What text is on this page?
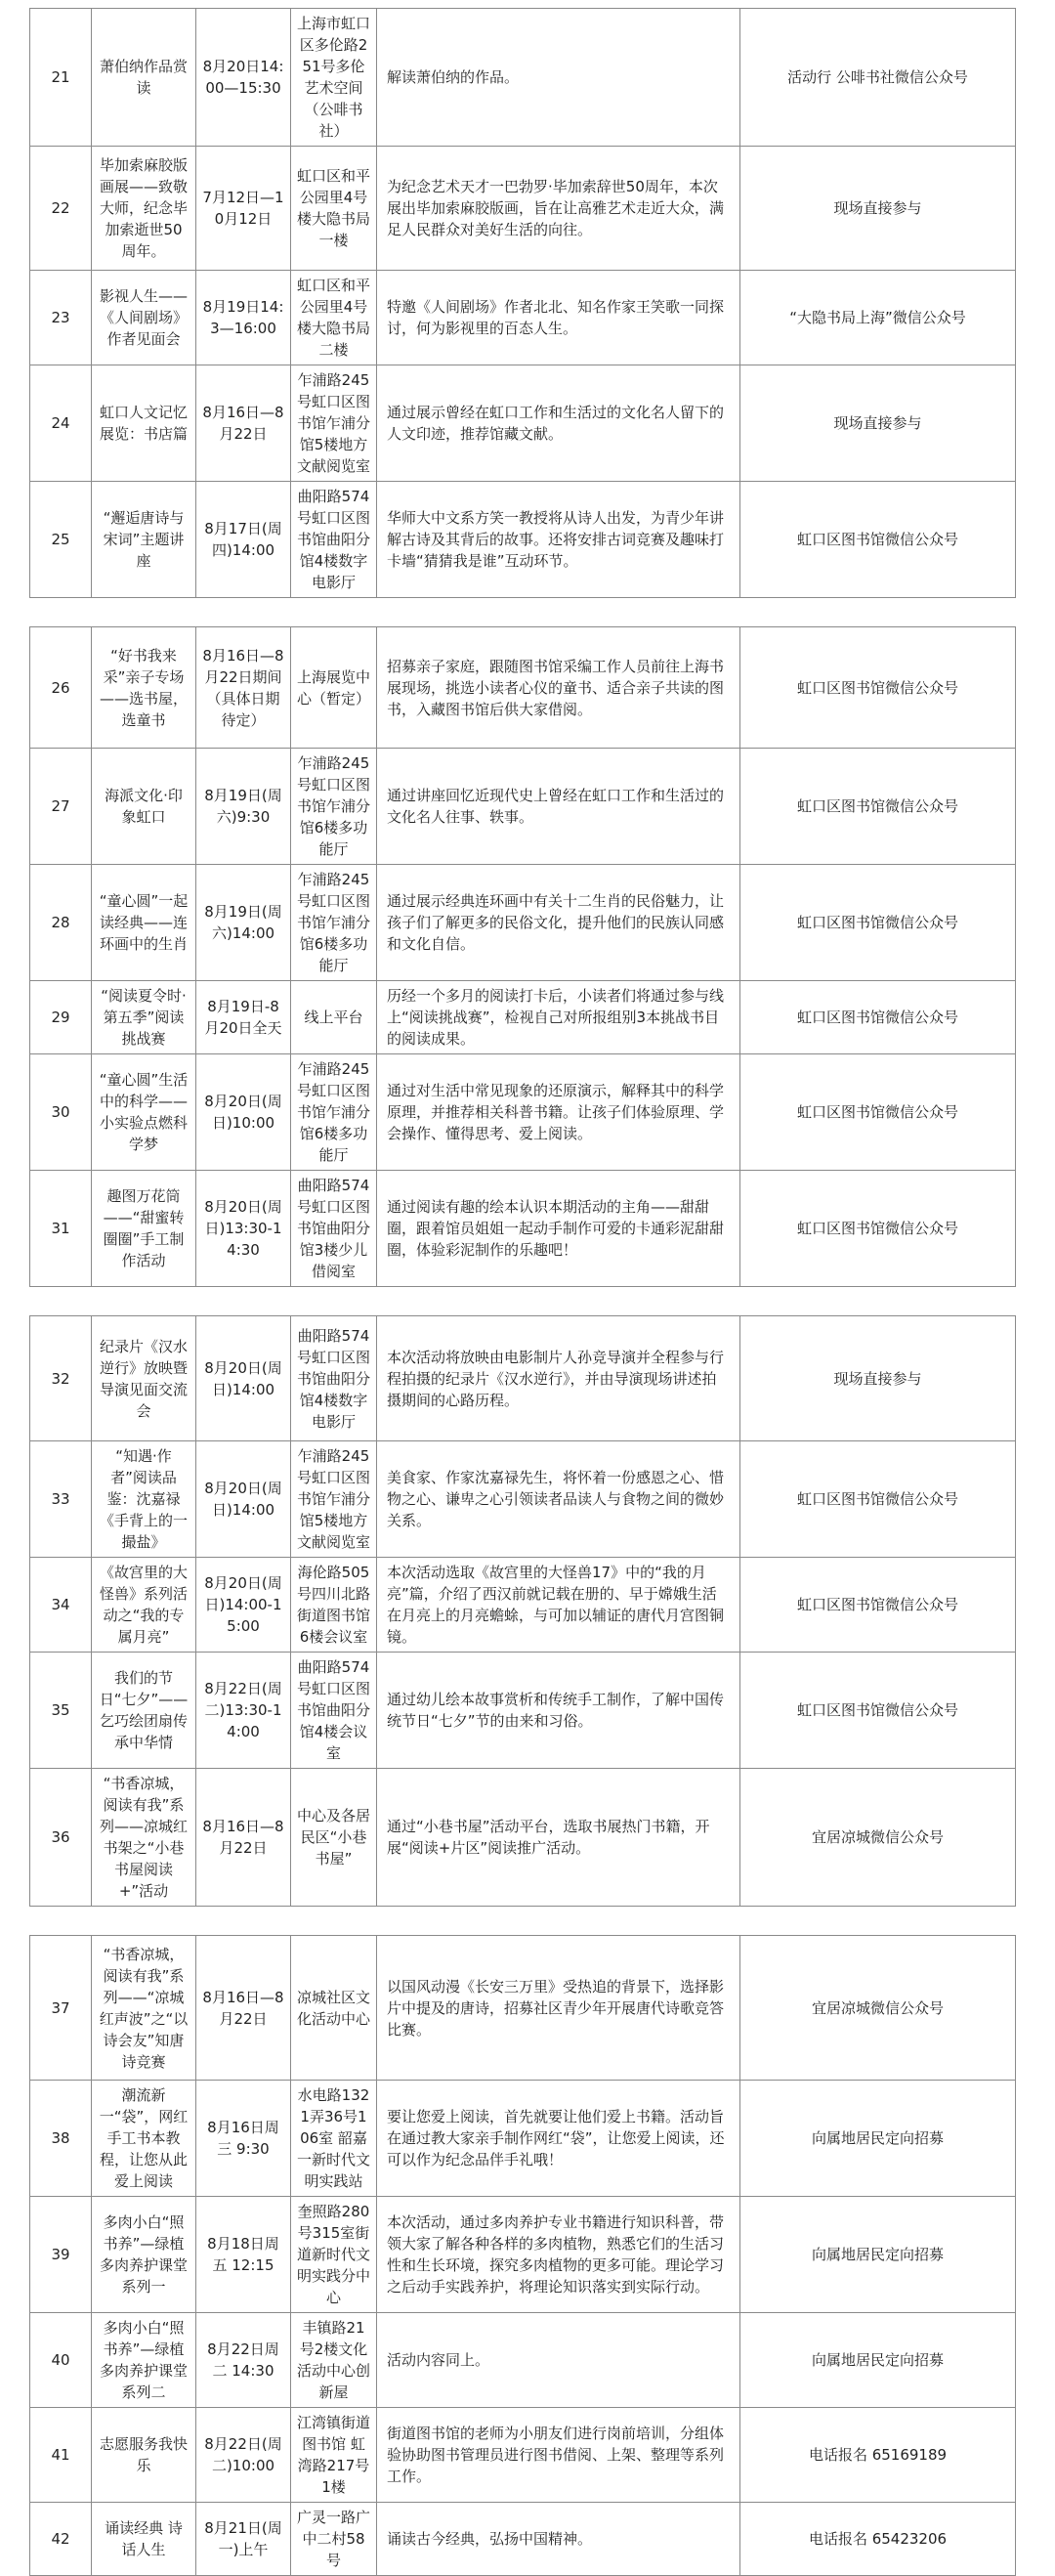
21	萧伯纳作品赏读	8月20日14:00—15:30	上海市虹口区多伦路251号多伦艺术空间（公啡书社）	解读萧伯纳的作品。	活动行 公啡书社微信公众号
22	毕加索麻胶版画展——致敬大师，纪念毕加索逝世50周年。	7月12日—10月12日	虹口区和平公园里4号楼大隐书局一楼	为纪念艺术天才一巴勃罗·毕加索辞世50周年，本次展出毕加索麻胶版画，旨在让高雅艺术走近大众，满足人民群众对美好生活的向往。	现场直接参与
23	影视人生——《人间剧场》作者见面会	8月19日14:3—16:00	虹口区和平公园里4号楼大隐书局二楼	特邀《人间剧场》作者北北、知名作家王笑歌一同探讨，何为影视里的百态人生。	“大隐书局上海”微信公众号
24	虹口人文记忆展览：书店篇	8月16日—8月22日	乍浦路245号虹口区图书馆乍浦分馆5楼地方文献阅览室	通过展示曾经在虹口工作和生活过的文化名人留下的人文印迹，推荐馆藏文献。	现场直接参与
25	“邂逅唐诗与宋词”主题讲座	8月17日(周四)14:00	曲阳路574号虹口区图书馆曲阳分馆4楼数字电影厅	华师大中文系方笑一教授将从诗人出发，为青少年讲解古诗及其背后的故事。还将安排古词竞赛及趣味打卡墙“猜猜我是谁”互动环节。	虹口区图书馆微信公众号

26	“好书我来采”亲子专场——选书屋，选童书	8月16日—8月22日期间（具体日期待定）	上海展览中心（暂定）	招募亲子家庭，跟随图书馆采编工作人员前往上海书展现场，挑选小读者心仪的童书、适合亲子共读的图书，入藏图书馆后供大家借阅。	虹口区图书馆微信公众号
27	海派文化·印象虹口	8月19日(周六)9:30	乍浦路245号虹口区图书馆乍浦分馆6楼多功能厅	通过讲座回忆近现代史上曾经在虹口工作和生活过的文化名人往事、轶事。	虹口区图书馆微信公众号
28	“童心圆”一起读经典——连环画中的生肖	8月19日(周六)14:00	乍浦路245号虹口区图书馆乍浦分馆6楼多功能厅	通过展示经典连环画中有关十二生肖的民俗魅力，让孩子们了解更多的民俗文化，提升他们的民族认同感和文化自信。	虹口区图书馆微信公众号
29	“阅读夏令时·第五季”阅读挑战赛	8月19日-8月20日全天	线上平台	历经一个多月的阅读打卡后，小读者们将通过参与线上“阅读挑战赛”，检视自己对所报组别3本挑战书目的阅读成果。	虹口区图书馆微信公众号
30	“童心圆”生活中的科学——小实验点燃科学梦	8月20日(周日)10:00	乍浦路245号虹口区图书馆乍浦分馆6楼多功能厅	通过对生活中常见现象的还原演示，解释其中的科学原理，并推荐相关科普书籍。让孩子们体验原理、学会操作、懂得思考、爱上阅读。	虹口区图书馆微信公众号
31	趣图万花筒——“甜蜜转圈圈”手工制作活动	8月20日(周日)13:30-14:30	曲阳路574号虹口区图书馆曲阳分馆3楼少儿借阅室	通过阅读有趣的绘本认识本期活动的主角——甜甜圈，跟着馆员姐姐一起动手制作可爱的卡通彩泥甜甜圈，体验彩泥制作的乐趣吧！	虹口区图书馆微信公众号

32	纪录片《汉水逆行》放映暨导演见面交流会	8月20日(周日)14:00	曲阳路574号虹口区图书馆曲阳分馆4楼数字电影厅	本次活动将放映由电影制片人孙竞导演并全程参与行程拍摄的纪录片《汉水逆行》，并由导演现场讲述拍摄期间的心路历程。	现场直接参与
33	“知遇·作者”阅读品鉴：沈嘉禄《手背上的一撮盐》	8月20日(周日)14:00	乍浦路245号虹口区图书馆乍浦分馆5楼地方文献阅览室	美食家、作家沈嘉禄先生，将怀着一份感恩之心、惜物之心、谦卑之心引领读者品读人与食物之间的微妙关系。	虹口区图书馆微信公众号
34	《故宫里的大怪兽》系列活动之“我的专属月亮”	8月20日(周日)14:00-15:00	海伦路505号四川北路街道图书馆6楼会议室	本次活动选取《故宫里的大怪兽17》中的“我的月亮”篇，介绍了西汉前就记载在册的、早于嫦娥生活在月亮上的月亮蟾蜍，与可加以辅证的唐代月宫图铜镜。	虹口区图书馆微信公众号
35	我们的节日“七夕”——乞巧绘团扇传承中华情	8月22日(周二)13:30-14:00	曲阳路574号虹口区图书馆曲阳分馆4楼会议室	通过幼儿绘本故事赏析和传统手工制作，了解中国传统节日“七夕”节的由来和习俗。	虹口区图书馆微信公众号
36	“书香凉城，阅读有我”系列——凉城红书架之“小巷书屋阅读+”活动	8月16日—8月22日	中心及各居民区“小巷书屋”	通过“小巷书屋”活动平台，选取书展热门书籍，开展“阅读+片区”阅读推广活动。	宜居凉城微信公众号

37	“书香凉城，阅读有我”系列——“凉城红声波”之“以诗会友”知唐诗竞赛	8月16日—8月22日	凉城社区文化活动中心	以国风动漫《长安三万里》受热追的背景下，选择影片中提及的唐诗，招募社区青少年开展唐代诗歌竞答比赛。	宜居凉城微信公众号
38	潮流新一“袋”，网红手工书本教程，让您从此爱上阅读	8月16日周三 9:30	水电路1321弄36号106室 韶嘉一新时代文明实践站	要让您爱上阅读，首先就要让他们爱上书籍。活动旨在通过教大家亲手制作网红“袋”，让您爱上阅读，还可以作为纪念品伴手礼哦！	向属地居民定向招募
39	多肉小白“照书养”—绿植多肉养护课堂系列一	8月18日周五 12:15	奎照路280号315室街道新时代文明实践分中心	本次活动，通过多肉养护专业书籍进行知识科普，带领大家了解各种各样的多肉植物，熟悉它们的生活习性和生长环境，探究多肉植物的更多可能。理论学习之后动手实践养护，将理论知识落实到实际行动。	向属地居民定向招募
40	多肉小白“照书养”—绿植多肉养护课堂系列二	8月22日周二 14:30	丰镇路21号2楼文化活动中心创新屋	活动内容同上。	向属地居民定向招募
41	志愿服务我快乐	8月22日(周二)10:00	江湾镇街道图书馆 虹湾路217号1楼	街道图书馆的老师为小朋友们进行岗前培训，分组体验协助图书管理员进行图书借阅、上架、整理等系列工作。	电话报名 65169189
42	诵读经典 诗话人生	8月21日(周一)上午	广灵一路广中二村58号	诵读古今经典，弘扬中国精神。	电话报名 65423206
